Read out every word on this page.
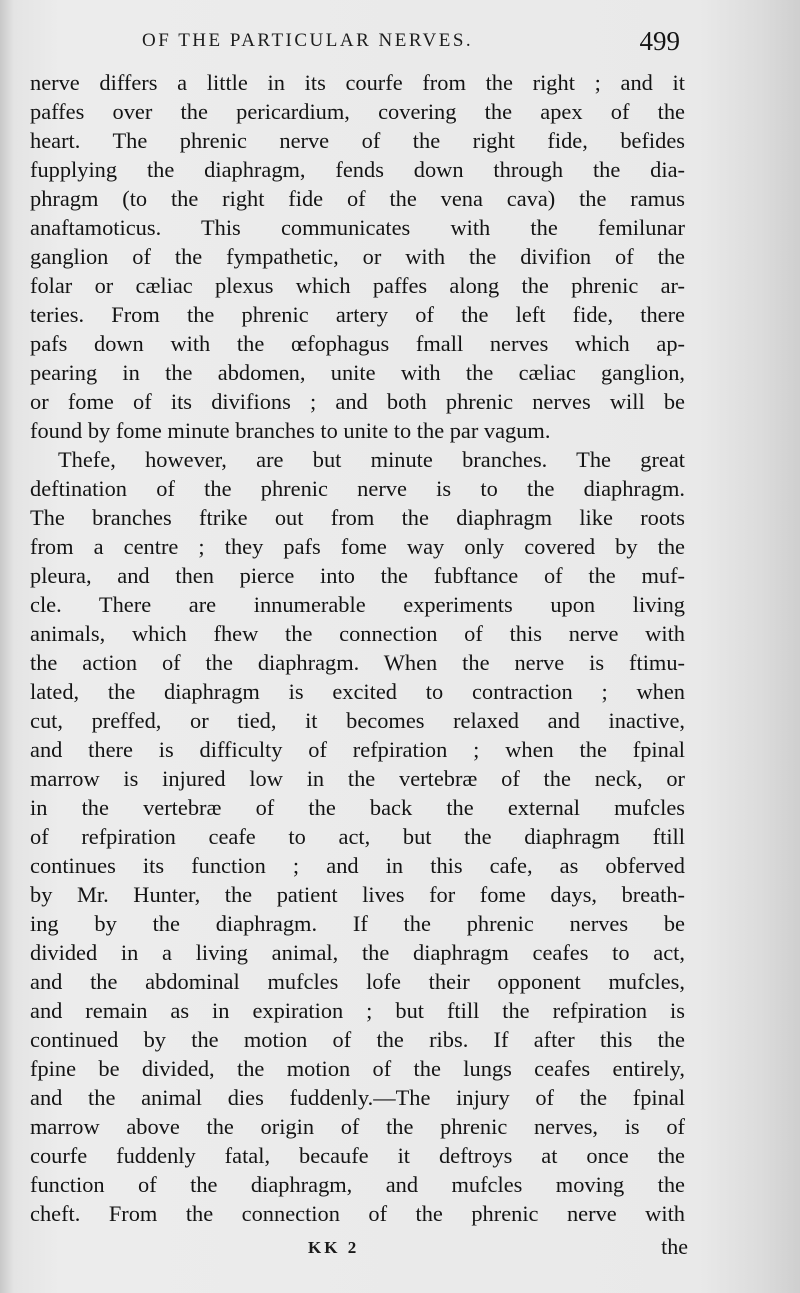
OF THE PARTICULAR NERVES.	499
nerve differs a little in its courfe from the right ; and it
paffes over the pericardium, covering the apex of the
heart. The phrenic nerve of the right fide, befides
fupplying the diaphragm, fends down through the dia-
phragm (to the right fide of the vena cava) the ramus
anaftamoticus. This communicates with the femilunar
ganglion of the fympathetic, or with the divifion of the
folar or cæliac plexus which paffes along the phrenic ar-
teries. From the phrenic artery of the left fide, there
pafs down with the œfophagus fmall nerves which ap-
pearing in the abdomen, unite with the cæliac ganglion,
or fome of its divifions ; and both phrenic nerves will be
found by fome minute branches to unite to the par vagum.
Thefe, however, are but minute branches. The great
deftination of the phrenic nerve is to the diaphragm.
The branches ftrike out from the diaphragm like roots
from a centre ; they pafs fome way only covered by the
pleura, and then pierce into the fubftance of the muf-
cle. There are innumerable experiments upon living
animals, which fhew the connection of this nerve with
the action of the diaphragm. When the nerve is ftimu-
lated, the diaphragm is excited to contraction ; when
cut, preffed, or tied, it becomes relaxed and inactive,
and there is difficulty of refpiration ; when the fpinal
marrow is injured low in the vertebræ of the neck, or
in the vertebræ of the back the external mufcles
of refpiration ceafe to act, but the diaphragm ftill
continues its function ; and in this cafe, as obferved
by Mr. Hunter, the patient lives for fome days, breath-
ing by the diaphragm. If the phrenic nerves be
divided in a living animal, the diaphragm ceafes to act,
and the abdominal mufcles lofe their opponent mufcles,
and remain as in expiration ; but ftill the refpiration is
continued by the motion of the ribs. If after this the
fpine be divided, the motion of the lungs ceafes entirely,
and the animal dies fuddenly.—The injury of the fpinal
marrow above the origin of the phrenic nerves, is of
courfe fuddenly fatal, becaufe it deftroys at once the
function of the diaphragm, and mufcles moving the
cheft. From the connection of the phrenic nerve with
KK 2	the
